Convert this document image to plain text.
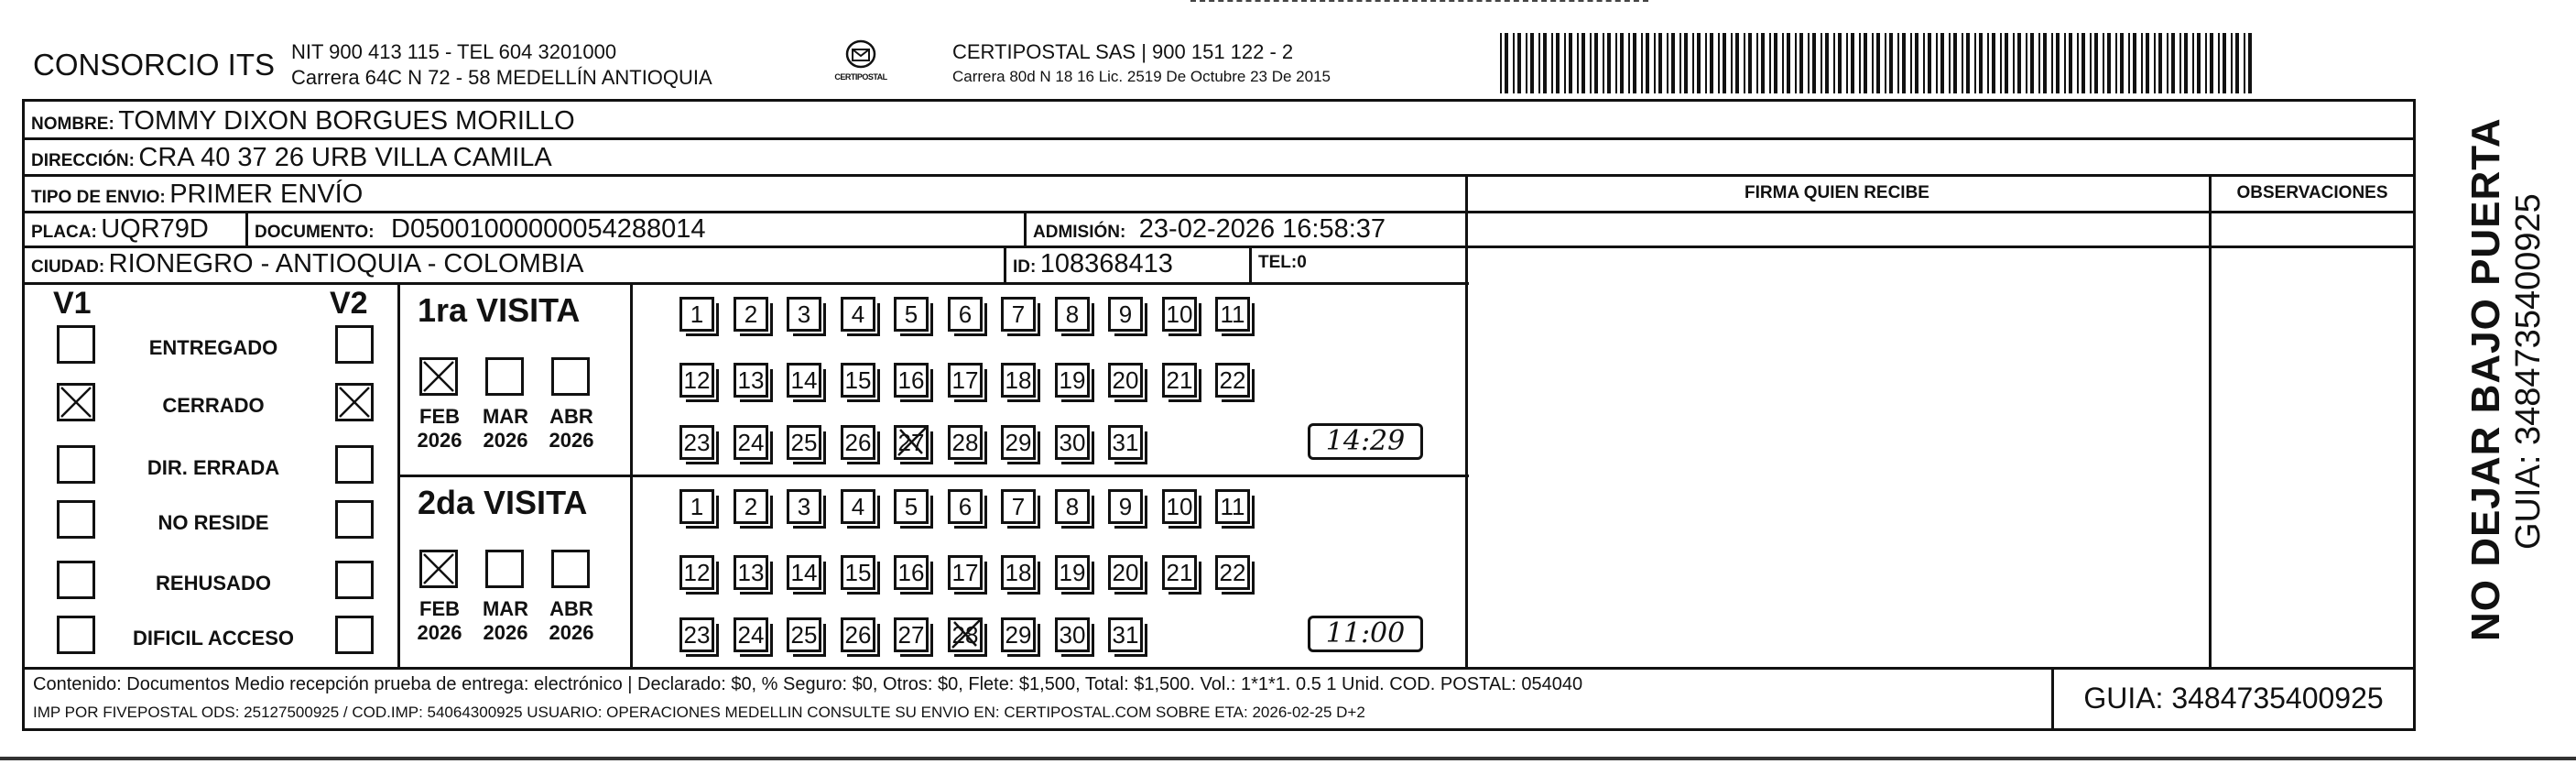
CONSORCIO ITS NIT 900 413 115 - TEL 604 3201000
Carrera 64C N 72 - 58 MEDELLÍN ANTIOQUIA	CERTIPOSTAL
CERTIPOSTAL SAS | 900 151 122 - 2
Carrera 80d N 18 16 Lic. 2519 De Octubre 23 De 2015
NOMBRE: TOMMY DIXON BORGUES MORILLO
DIRECCIÓN: CRA 40 37 26 URB VILLA CAMILA
TIPO DE ENVIO: PRIMER ENVÍO	FIRMA QUIEN RECIBE	OBSERVACIONES
PLACA: UQR79D	DOCUMENTO: D05001000000054288014	ADMISIÓN: 23-02-2026 16:58:37
CIUDAD: RIONEGRO - ANTIOQUIA - COLOMBIA	ID: 108368413	TEL:0
V1	V2
ENTREGADO
CERRADO
DIR. ERRADA
NO RESIDE
REHUSADO
DIFICIL ACCESO
1ra VISITA
FEB
2026
MAR
2026
ABR
2026
1	2	3	4	5	6	7	8	9	10 11
12 13 14 15 16 17 18 19 20 21 22
23 24 25 26 27 28 29 30 31	14:29
2da VISITA
FEB
2026
MAR
2026
ABR
2026
1	2	3	4	5	6	7	8	9	10 11
12 13 14 15 16 17 18 19 20 21 22
23 24 25 26 27 28 29 30 31	11:00
Contenido: Documentos Medio recepción prueba de entrega: electrónico | Declarado: $0, % Seguro: $0, Otros: $0, Flete: $1,500, Total: $1,500. Vol.: 1*1*1. 0.5 1 Unid. COD. POSTAL: 054040
IMP POR FIVEPOSTAL ODS: 25127500925 / COD.IMP: 54064300925 USUARIO: OPERACIONES MEDELLIN CONSULTE SU ENVIO EN: CERTIPOSTAL.COM SOBRE ETA: 2026-02-25 D+2	GUIA: 3484735400925
NO DEJAR BAJO PUERTA GUIA: 3484735400925
